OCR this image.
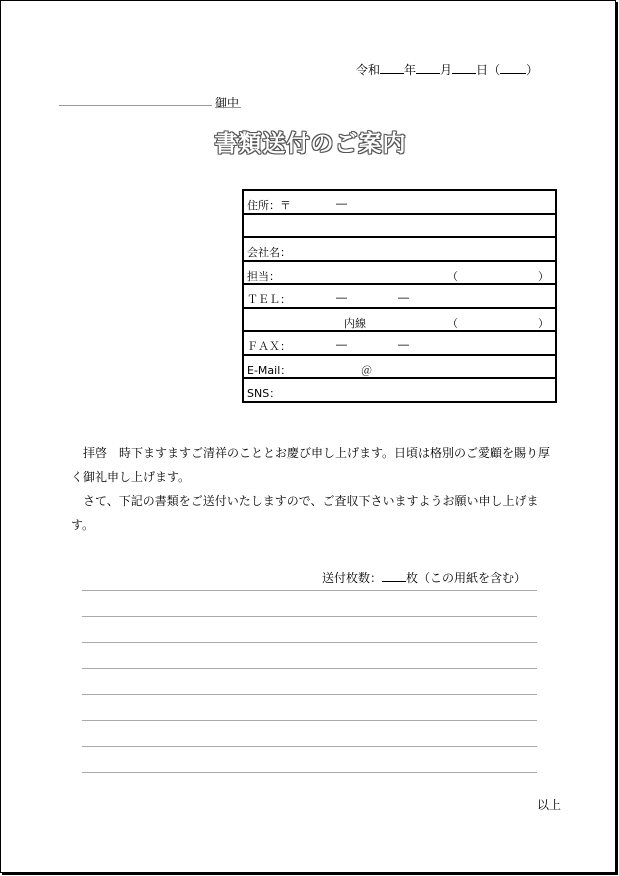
令和 年 月 日（ ）
御中
書類送付のご案内
住所：〒	―

会社名：

担当：	（	）

ＴＥＬ：	―	―

内線	（	）

ＦＡＸ：	―	―

E-Mail：	＠

SNS：
拝啓　時下ますますご清祥のこととお慶び申し上げます。日頃は格別のご愛顧を賜り厚く御礼申し上げます。
さて、下記の書類をご送付いたしますので、ご査収下さいますようお願い申し上げます。
送付枚数： 枚（この用紙を含む）
以上
